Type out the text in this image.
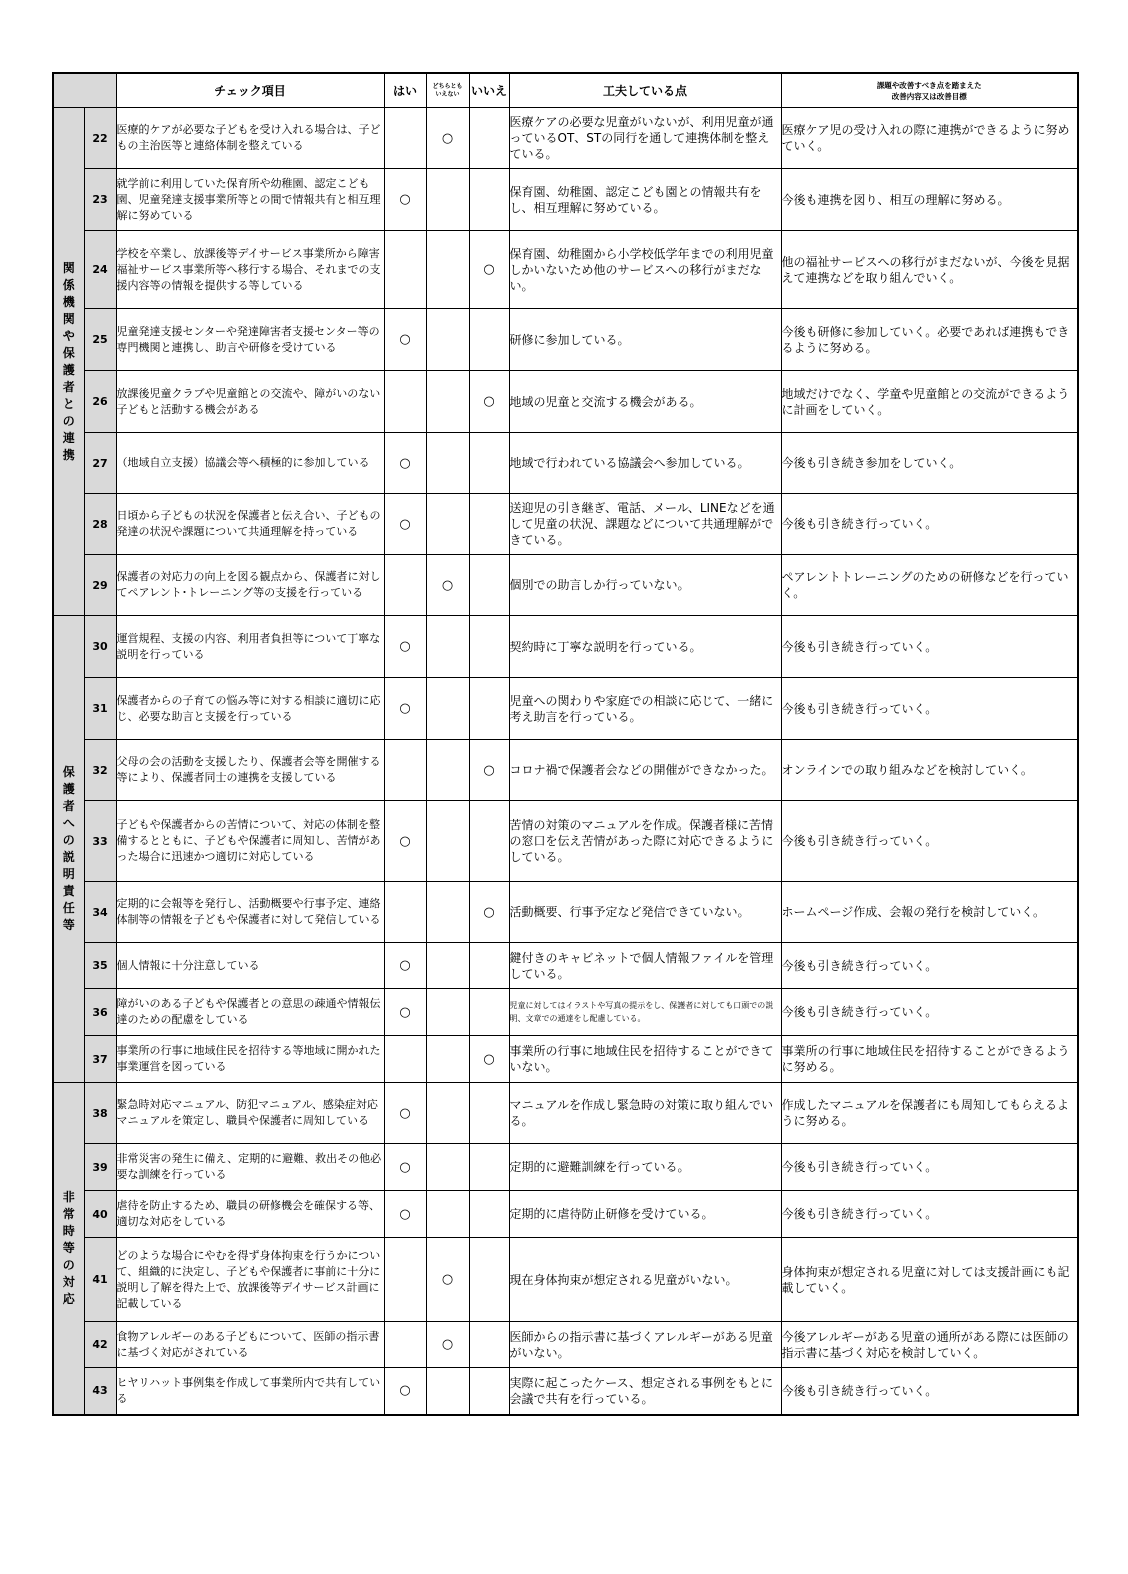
		チェック項目	はい	どちらとも
いえない	いいえ	工夫している点	課題や改善すべき点を踏まえた
改善内容又は改善目標
関係機関や保護者との連携	22	医療的ケアが必要な子どもを受け入れる場合は、子どもの主治医等と連絡体制を整えている		○		医療ケアの必要な児童がいないが、利用児童が通っているOT、STの同行を通して連携体制を整えている。	医療ケア児の受け入れの際に連携ができるように努めていく。
	23	就学前に利用していた保育所や幼稚園、認定こども園、児童発達支援事業所等との間で情報共有と相互理解に努めている	○			保育園、幼稚園、認定こども園との情報共有をし、相互理解に努めている。	今後も連携を図り、相互の理解に努める。
	24	学校を卒業し、放課後等デイサービス事業所から障害福祉サービス事業所等へ移行する場合、それまでの支援内容等の情報を提供する等している			○	保育園、幼稚園から小学校低学年までの利用児童しかいないため他のサービスへの移行がまだない。	他の福祉サービスへの移行がまだないが、今後を見据えて連携などを取り組んでいく。
	25	児童発達支援センターや発達障害者支援センター等の専門機関と連携し、助言や研修を受けている	○			研修に参加している。	今後も研修に参加していく。必要であれば連携もできるように努める。
	26	放課後児童クラブや児童館との交流や、障がいのない子どもと活動する機会がある			○	地域の児童と交流する機会がある。	地域だけでなく、学童や児童館との交流ができるように計画をしていく。
	27	（地域自立支援）協議会等へ積極的に参加している	○			地域で行われている協議会へ参加している。	今後も引き続き参加をしていく。
	28	日頃から子どもの状況を保護者と伝え合い、子どもの発達の状況や課題について共通理解を持っている	○			送迎児の引き継ぎ、電話、メール、LINEなどを通して児童の状況、課題などについて共通理解ができている。	今後も引き続き行っていく。
	29	保護者の対応力の向上を図る観点から、保護者に対してペアレント･トレーニング等の支援を行っている		○		個別での助言しか行っていない。	ペアレントトレーニングのための研修などを行っていく。
保護者への説明責任等	30	運営規程、支援の内容、利用者負担等について丁寧な説明を行っている	○			契約時に丁寧な説明を行っている。	今後も引き続き行っていく。
	31	保護者からの子育ての悩み等に対する相談に適切に応じ、必要な助言と支援を行っている	○			児童への関わりや家庭での相談に応じて、一緒に考え助言を行っている。	今後も引き続き行っていく。
	32	父母の会の活動を支援したり、保護者会等を開催する等により、保護者同士の連携を支援している			○	コロナ禍で保護者会などの開催ができなかった。	オンラインでの取り組みなどを検討していく。
	33	子どもや保護者からの苦情について、対応の体制を整備するとともに、子どもや保護者に周知し、苦情があった場合に迅速かつ適切に対応している	○			苦情の対策のマニュアルを作成。保護者様に苦情の窓口を伝え苦情があった際に対応できるようにしている。	今後も引き続き行っていく。
	34	定期的に会報等を発行し、活動概要や行事予定、連絡体制等の情報を子どもや保護者に対して発信している			○	活動概要、行事予定など発信できていない。	ホームページ作成、会報の発行を検討していく。
	35	個人情報に十分注意している	○			鍵付きのキャビネットで個人情報ファイルを管理している。	今後も引き続き行っていく。
	36	障がいのある子どもや保護者との意思の疎通や情報伝達のための配慮をしている	○			児童に対してはイラストや写真の提示をし、保護者に対しても口頭での説明、文章での通達をし配慮している。	今後も引き続き行っていく。
	37	事業所の行事に地域住民を招待する等地域に開かれた事業運営を図っている			○	事業所の行事に地域住民を招待することができていない。	事業所の行事に地域住民を招待することができるように努める。
非常時等の対応	38	緊急時対応マニュアル、防犯マニュアル、感染症対応マニュアルを策定し、職員や保護者に周知している	○			マニュアルを作成し緊急時の対策に取り組んでいる。	作成したマニュアルを保護者にも周知してもらえるように努める。
	39	非常災害の発生に備え、定期的に避難、救出その他必要な訓練を行っている	○			定期的に避難訓練を行っている。	今後も引き続き行っていく。
	40	虐待を防止するため、職員の研修機会を確保する等、適切な対応をしている	○			定期的に虐待防止研修を受けている。	今後も引き続き行っていく。
	41	どのような場合にやむを得ず身体拘束を行うかについて、組織的に決定し、子どもや保護者に事前に十分に説明し了解を得た上で、放課後等デイサービス計画に記載している		○		現在身体拘束が想定される児童がいない。	身体拘束が想定される児童に対しては支援計画にも記載していく。
	42	食物アレルギーのある子どもについて、医師の指示書に基づく対応がされている		○		医師からの指示書に基づくアレルギーがある児童がいない。	今後アレルギーがある児童の通所がある際には医師の指示書に基づく対応を検討していく。
	43	ヒヤリハット事例集を作成して事業所内で共有している	○			実際に起こったケース、想定される事例をもとに会議で共有を行っている。	今後も引き続き行っていく。
